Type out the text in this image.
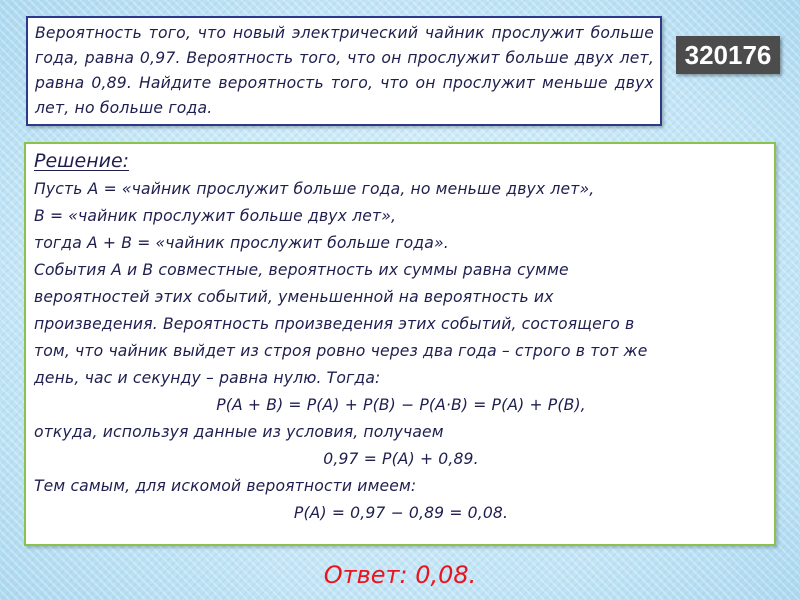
Вероятность того, что новый электрический чайник прослужит больше года, равна 0,97. Вероятность того, что он прослужит больше двух лет, равна 0,89. Найдите вероятность того, что он прослужит меньше двух лет, но больше года.

320176

Решение:

Пусть A = «чайник прослужит больше года, но меньше двух лет»,

В = «чайник прослужит больше двух лет»,

тогда A + B = «чайник прослужит больше года».

События A и В совместные, вероятность их суммы равна сумме

вероятностей этих событий, уменьшенной на вероятность их

произведения. Вероятность произведения этих событий, состоящего в

том, что чайник выйдет из строя ровно через два года – строго в тот же

день, час и секунду – равна нулю. Тогда:

P(A + B) = P(A) + P(B) − P(A·B) = P(A) + P(B),

откуда, используя данные из условия, получаем

0,97 = P(A) + 0,89.

Тем самым, для искомой вероятности имеем:

P(A) = 0,97 − 0,89 = 0,08.

Ответ: 0,08.
